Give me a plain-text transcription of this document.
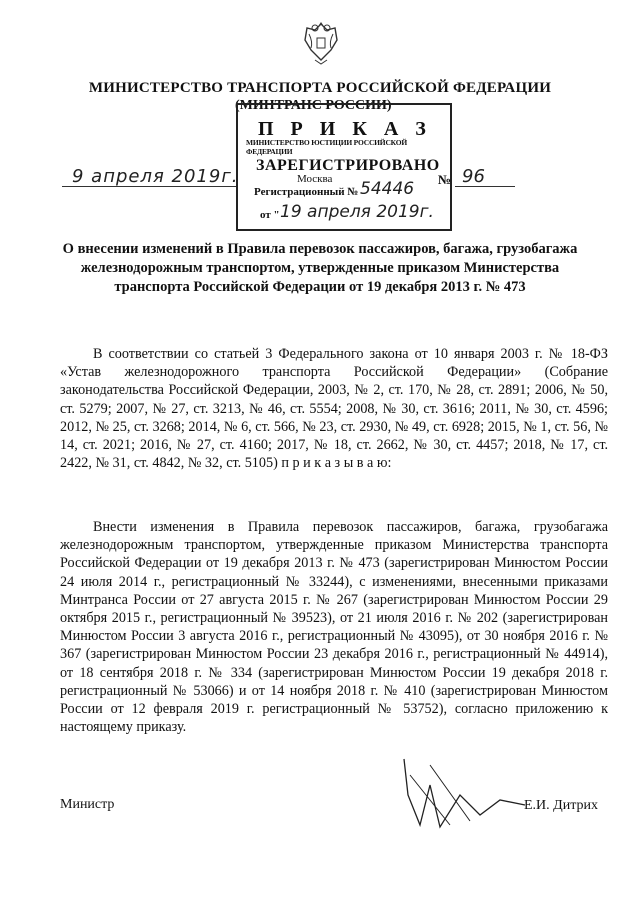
МИНИСТЕРСТВО ТРАНСПОРТА РОССИЙСКОЙ ФЕДЕРАЦИИ
(МИНТРАНС РОССИИ)
МИНИСТЕРСТВО ЮСТИЦИИ РОССИЙСКОЙ ФЕДЕРАЦИИ
ЗАРЕГИСТРИРОВАНО
Регистрационный № 54446
от " 19 апреля 2019г.
П Р И К А З
Москва
9 апреля 2019г.	№ 96
О внесении изменений в Правила перевозок пассажиров, багажа, грузобагажа железнодорожным транспортом, утвержденные приказом Министерства транспорта Российской Федерации от 19 декабря 2013 г. № 473
В соответствии со статьей 3 Федерального закона от 10 января 2003 г. № 18-ФЗ «Устав железнодорожного транспорта Российской Федерации» (Собрание законодательства Российской Федерации, 2003, № 2, ст. 170, № 28, ст. 2891; 2006, № 50, ст. 5279; 2007, № 27, ст. 3213, № 46, ст. 5554; 2008, № 30, ст. 3616; 2011, № 30, ст. 4596; 2012, № 25, ст. 3268; 2014, № 6, ст. 566, № 23, ст. 2930, № 49, ст. 6928; 2015, № 1, ст. 56, № 14, ст. 2021; 2016, № 27, ст. 4160; 2017, № 18, ст. 2662, № 30, ст. 4457; 2018, № 17, ст. 2422, № 31, ст. 4842, № 32, ст. 5105) п р и к а з ы в а ю:
Внести изменения в Правила перевозок пассажиров, багажа, грузобагажа железнодорожным транспортом, утвержденные приказом Министерства транспорта Российской Федерации от 19 декабря 2013 г. № 473 (зарегистрирован Минюстом России 24 июля 2014 г., регистрационный № 33244), с изменениями, внесенными приказами Минтранса России от 27 августа 2015 г. № 267 (зарегистрирован Минюстом России 29 октября 2015 г., регистрационный № 39523), от 21 июля 2016 г. № 202 (зарегистрирован Минюстом России 3 августа 2016 г., регистрационный № 43095), от 30 ноября 2016 г. № 367 (зарегистрирован Минюстом России 23 декабря 2016 г., регистрационный № 44914), от 18 сентября 2018 г. № 334 (зарегистрирован Минюстом России 19 декабря 2018 г. регистрационный № 53066) и от 14 ноября 2018 г. № 410 (зарегистрирован Минюстом России от 12 февраля 2019 г. регистрационный № 53752), согласно приложению к настоящему приказу.
Министр	Е.И. Дитрих
